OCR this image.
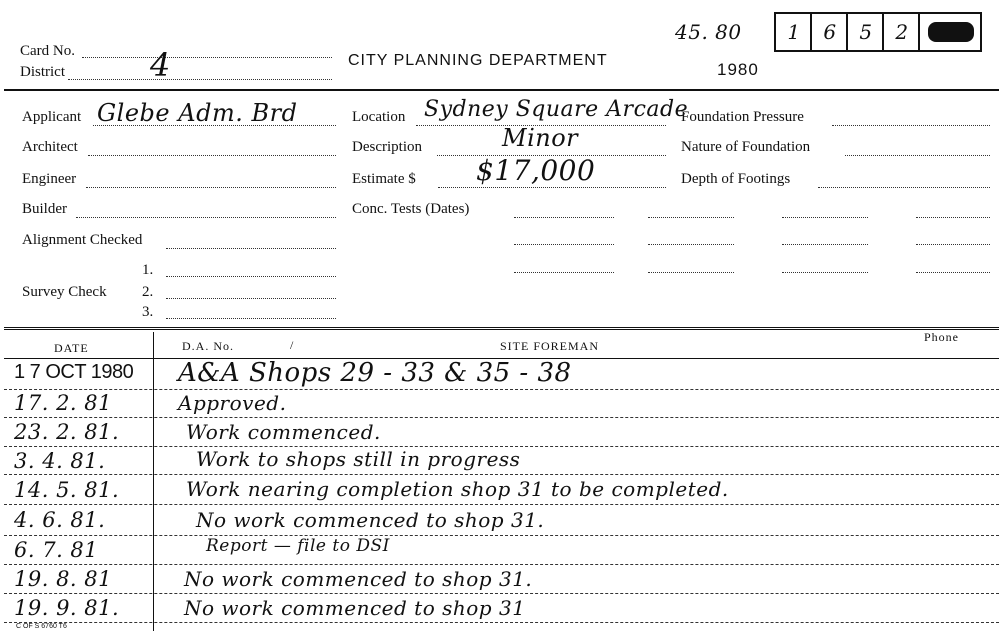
Card No.
District	4	CITY PLANNING DEPARTMENT	1980
45. 80	1	6	5	2
Applicant Glebe Adm. Brd
Architect
Engineer
Builder
Alignment Checked
Survey Check
1.
2.
3.
Location Sydney Square Arcade
Description	Minor
Estimate $ $17,000
Conc. Tests (Dates)
Foundation Pressure
Nature of Foundation
Depth of Footings
DATE	D.A. No.	/	SITE FOREMAN
Phone
1 7 OCT 1980	A&A Shops 29 - 33 & 35 - 38
17. 2. 81	Approved.
23. 2. 81.	Work commenced.
3. 4. 81.	Work to shops still in progress
14. 5. 81.	Work nearing completion shop 31 to be completed.
4. 6. 81.	No work commenced to shop 31.
6. 7. 81	Report — file to DSI
19. 8. 81	No work commenced to shop 31.
19. 9. 81.	No work commenced to shop 31
C OF S 6760 T6
